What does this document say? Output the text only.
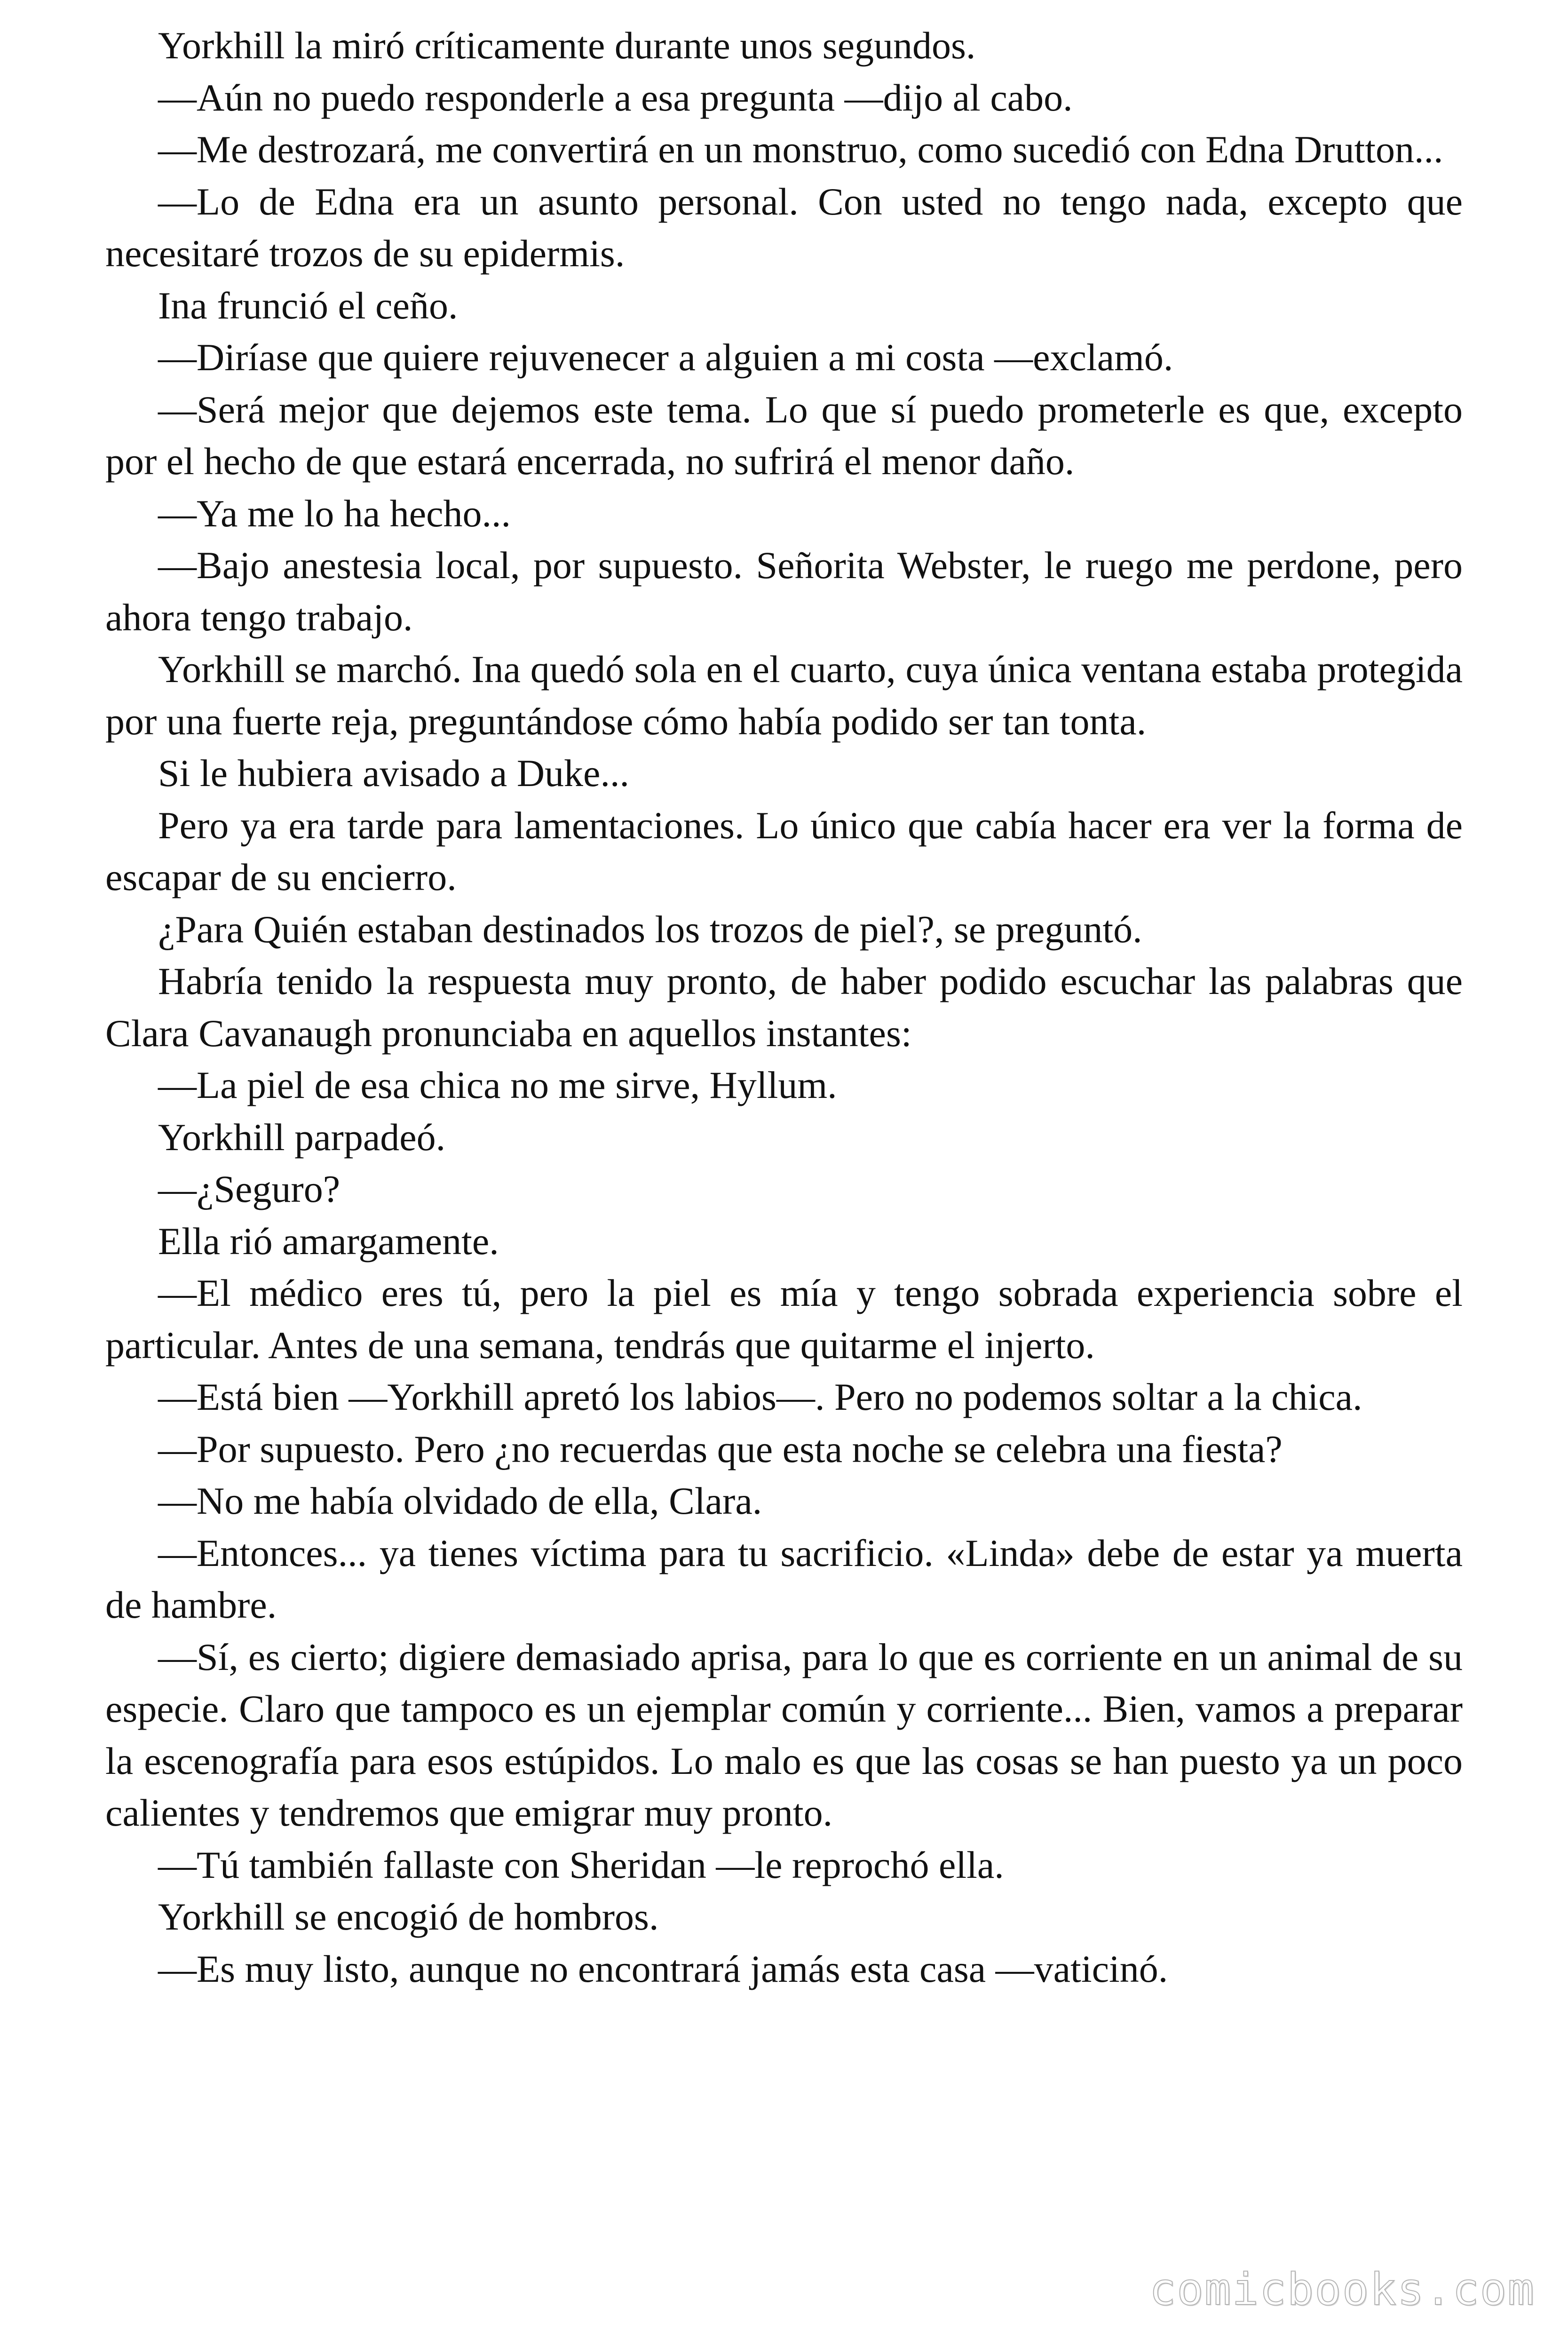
Yorkhill la miró críticamente durante unos segundos.

—Aún no puedo responderle a esa pregunta —dijo al cabo.

—Me destrozará, me convertirá en un monstruo, como sucedió con Edna Drutton...

—Lo de Edna era un asunto personal. Con usted no tengo nada, excepto que necesitaré trozos de su epidermis.

Ina frunció el ceño.

—Diríase que quiere rejuvenecer a alguien a mi costa —exclamó.

—Será mejor que dejemos este tema. Lo que sí puedo prometerle es que, excepto por el hecho de que estará encerrada, no sufrirá el menor daño.

—Ya me lo ha hecho...

—Bajo anestesia local, por supuesto. Señorita Webster, le ruego me perdone, pero ahora tengo trabajo.

Yorkhill se marchó. Ina quedó sola en el cuarto, cuya única ventana estaba protegida por una fuerte reja, preguntándose cómo había podido ser tan tonta.

Si le hubiera avisado a Duke...

Pero ya era tarde para lamentaciones. Lo único que cabía hacer era ver la forma de escapar de su encierro.

¿Para Quién estaban destinados los trozos de piel?, se preguntó.

Habría tenido la respuesta muy pronto, de haber podido escuchar las palabras que Clara Cavanaugh pronunciaba en aquellos instantes:

—La piel de esa chica no me sirve, Hyllum.

Yorkhill parpadeó.

—¿Seguro?

Ella rió amargamente.

—El médico eres tú, pero la piel es mía y tengo sobrada experiencia sobre el particular. Antes de una semana, tendrás que quitarme el injerto.

—Está bien —Yorkhill apretó los labios—. Pero no podemos soltar a la chica.

—Por supuesto. Pero ¿no recuerdas que esta noche se celebra una fiesta?

—No me había olvidado de ella, Clara.

—Entonces... ya tienes víctima para tu sacrificio. «Linda» debe de estar ya muerta de hambre.

—Sí, es cierto; digiere demasiado aprisa, para lo que es corriente en un animal de su especie. Claro que tampoco es un ejemplar común y corriente... Bien, vamos a preparar la escenografía para esos estúpidos. Lo malo es que las cosas se han puesto ya un poco calientes y tendremos que emigrar muy pronto.

—Tú también fallaste con Sheridan —le reprochó ella.

Yorkhill se encogió de hombros.

—Es muy listo, aunque no encontrará jamás esta casa —vaticinó.

comicbooks.com
